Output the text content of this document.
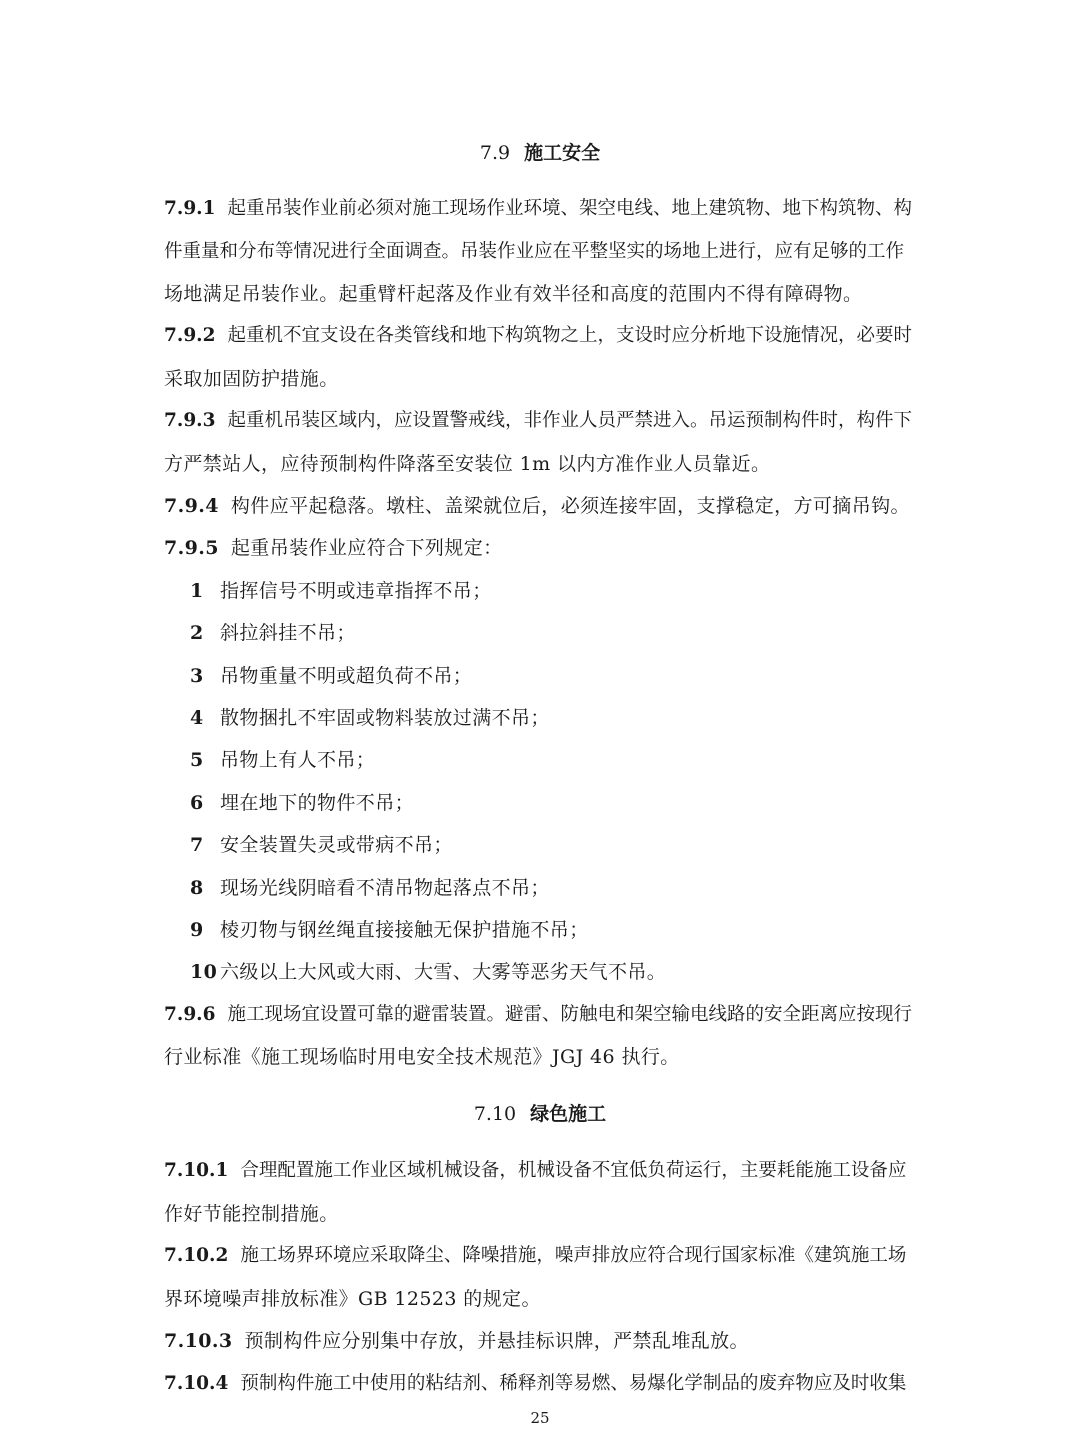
7.9 施工安全
7.9.1 起重吊装作业前必须对施工现场作业环境、架空电线、地上建筑物、地下构筑物、构
件重量和分布等情况进行全面调查。吊装作业应在平整坚实的场地上进行，应有足够的工作
场地满足吊装作业。起重臂杆起落及作业有效半径和高度的范围内不得有障碍物。
7.9.2 起重机不宜支设在各类管线和地下构筑物之上，支设时应分析地下设施情况，必要时
采取加固防护措施。
7.9.3 起重机吊装区域内，应设置警戒线，非作业人员严禁进入。吊运预制构件时，构件下
方严禁站人，应待预制构件降落至安装位 1m 以内方准作业人员靠近。
7.9.4 构件应平起稳落。墩柱、盖梁就位后，必须连接牢固，支撑稳定，方可摘吊钩。
7.9.5 起重吊装作业应符合下列规定：
1 指挥信号不明或违章指挥不吊；
2 斜拉斜挂不吊；
3 吊物重量不明或超负荷不吊；
4 散物捆扎不牢固或物料装放过满不吊；
5 吊物上有人不吊；
6 埋在地下的物件不吊；
7 安全装置失灵或带病不吊；
8 现场光线阴暗看不清吊物起落点不吊；
9 棱刃物与钢丝绳直接接触无保护措施不吊；
10 六级以上大风或大雨、大雪、大雾等恶劣天气不吊。
7.9.6 施工现场宜设置可靠的避雷装置。避雷、防触电和架空输电线路的安全距离应按现行
行业标准《施工现场临时用电安全技术规范》JGJ 46 执行。
7.10 绿色施工
7.10.1 合理配置施工作业区域机械设备，机械设备不宜低负荷运行，主要耗能施工设备应
作好节能控制措施。
7.10.2 施工场界环境应采取降尘、降噪措施，噪声排放应符合现行国家标准《建筑施工场
界环境噪声排放标准》GB 12523 的规定。
7.10.3 预制构件应分别集中存放，并悬挂标识牌，严禁乱堆乱放。
7.10.4 预制构件施工中使用的粘结剂、稀释剂等易燃、易爆化学制品的废弃物应及时收集
25
